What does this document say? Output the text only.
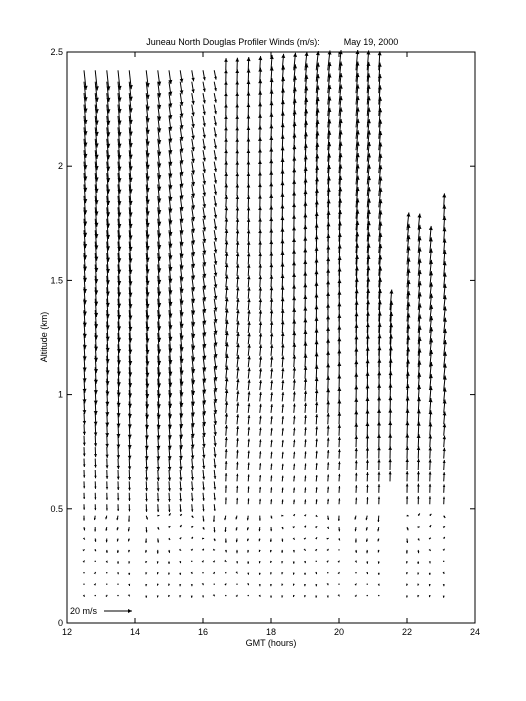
Juneau North Douglas Profiler Winds (m/s):	May 19, 2000
12	14	16	18	20	22	24
0
0.5
1
1.5
2
2.5
20 m/s
GMT (hours)
Altitude (km)
